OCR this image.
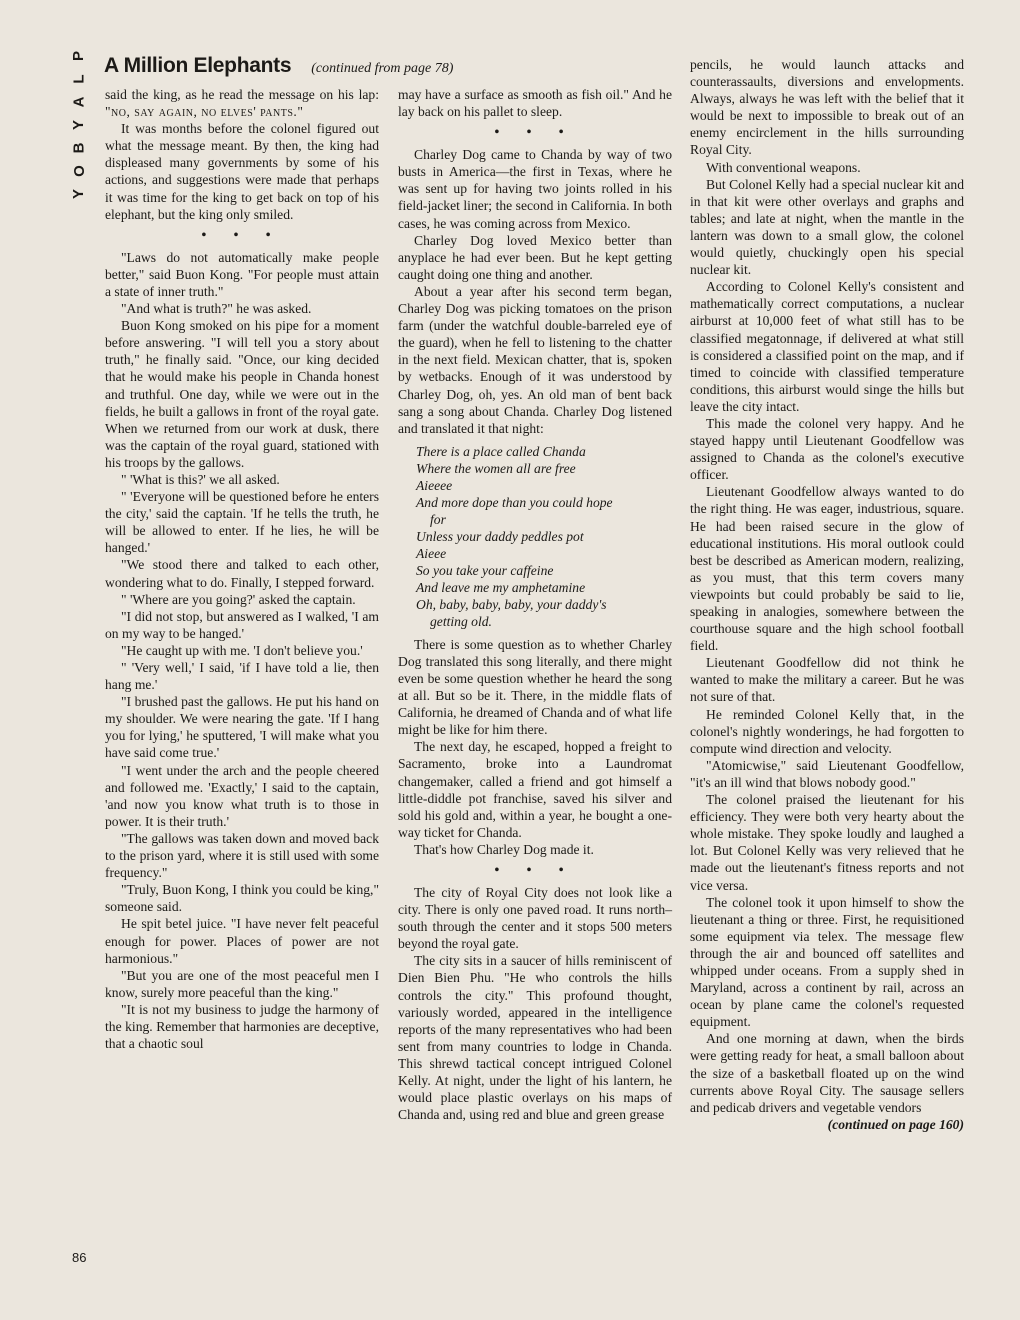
P
L
A
Y
B
O
Y
A Million Elephants (continued from page 78)

said the king, as he read the message on his lap: "no, say again, no elves' pants."

It was months before the colonel figured out what the message meant. By then, the king had displeased many governments by some of his actions, and suggestions were made that perhaps it was time for the king to get back on top of his elephant, but the king only smiled.

• • •

"Laws do not automatically make people better," said Buon Kong. "For people must attain a state of inner truth."

"And what is truth?" he was asked.

Buon Kong smoked on his pipe for a moment before answering. "I will tell you a story about truth," he finally said. "Once, our king decided that he would make his people in Chanda honest and truthful. One day, while we were out in the fields, he built a gallows in front of the royal gate. When we returned from our work at dusk, there was the captain of the royal guard, stationed with his troops by the gallows.

" 'What is this?' we all asked.

" 'Everyone will be questioned before he enters the city,' said the captain. 'If he tells the truth, he will be allowed to enter. If he lies, he will be hanged.'

"We stood there and talked to each other, wondering what to do. Finally, I stepped forward.

" 'Where are you going?' asked the captain.

"I did not stop, but answered as I walked, 'I am on my way to be hanged.'

"He caught up with me. 'I don't believe you.'

" 'Very well,' I said, 'if I have told a lie, then hang me.'

"I brushed past the gallows. He put his hand on my shoulder. We were nearing the gate. 'If I hang you for lying,' he sputtered, 'I will make what you have said come true.'

"I went under the arch and the people cheered and followed me. 'Exactly,' I said to the captain, 'and now you know what truth is to those in power. It is their truth.'

"The gallows was taken down and moved back to the prison yard, where it is still used with some frequency."

"Truly, Buon Kong, I think you could be king," someone said.

He spit betel juice. "I have never felt peaceful enough for power. Places of power are not harmonious."

"But you are one of the most peaceful men I know, surely more peaceful than the king."

"It is not my business to judge the harmony of the king. Remember that harmonies are deceptive, that a chaotic soul

may have a surface as smooth as fish oil." And he lay back on his pallet to sleep.

• • •

Charley Dog came to Chanda by way of two busts in America—the first in Texas, where he was sent up for having two joints rolled in his field-jacket liner; the second in California. In both cases, he was coming across from Mexico.

Charley Dog loved Mexico better than anyplace he had ever been. But he kept getting caught doing one thing and another.

About a year after his second term began, Charley Dog was picking tomatoes on the prison farm (under the watchful double-barreled eye of the guard), when he fell to listening to the chatter in the next field. Mexican chatter, that is, spoken by wetbacks. Enough of it was understood by Charley Dog, oh, yes. An old man of bent back sang a song about Chanda. Charley Dog listened and translated it that night:

There is a place called Chanda
Where the women all are free
Aieeee
And more dope than you could hope
for
Unless your daddy peddles pot
Aieee
So you take your caffeine
And leave me my amphetamine
Oh, baby, baby, baby, your daddy's
getting old.

There is some question as to whether Charley Dog translated this song literally, and there might even be some question whether he heard the song at all. But so be it. There, in the middle flats of California, he dreamed of Chanda and of what life might be like for him there.

The next day, he escaped, hopped a freight to Sacramento, broke into a Laundromat changemaker, called a friend and got himself a little-diddle pot franchise, saved his silver and sold his gold and, within a year, he bought a one-way ticket for Chanda.

That's how Charley Dog made it.

• • •

The city of Royal City does not look like a city. There is only one paved road. It runs north–south through the center and it stops 500 meters beyond the royal gate.

The city sits in a saucer of hills reminiscent of Dien Bien Phu. "He who controls the hills controls the city." This profound thought, variously worded, appeared in the intelligence reports of the many representatives who had been sent from many countries to lodge in Chanda. This shrewd tactical concept intrigued Colonel Kelly. At night, under the light of his lantern, he would place plastic overlays on his maps of Chanda and, using red and blue and green grease

pencils, he would launch attacks and counterassaults, diversions and envelopments. Always, always he was left with the belief that it would be next to impossible to break out of an enemy encirclement in the hills surrounding Royal City.

With conventional weapons.

But Colonel Kelly had a special nuclear kit and in that kit were other overlays and graphs and tables; and late at night, when the mantle in the lantern was down to a small glow, the colonel would quietly, chuckingly open his special nuclear kit.

According to Colonel Kelly's consistent and mathematically correct computations, a nuclear airburst at 10,000 feet of what still has to be classified megatonnage, if delivered at what still is considered a classified point on the map, and if timed to coincide with classified temperature conditions, this airburst would singe the hills but leave the city intact.

This made the colonel very happy. And he stayed happy until Lieutenant Goodfellow was assigned to Chanda as the colonel's executive officer.

Lieutenant Goodfellow always wanted to do the right thing. He was eager, industrious, square. He had been raised secure in the glow of educational institutions. His moral outlook could best be described as American modern, realizing, as you must, that this term covers many viewpoints but could probably be said to lie, speaking in analogies, somewhere between the courthouse square and the high school football field.

Lieutenant Goodfellow did not think he wanted to make the military a career. But he was not sure of that.

He reminded Colonel Kelly that, in the colonel's nightly wonderings, he had forgotten to compute wind direction and velocity.

"Atomicwise," said Lieutenant Goodfellow, "it's an ill wind that blows nobody good."

The colonel praised the lieutenant for his efficiency. They were both very hearty about the whole mistake. They spoke loudly and laughed a lot. But Colonel Kelly was very relieved that he made out the lieutenant's fitness reports and not vice versa.

The colonel took it upon himself to show the lieutenant a thing or three. First, he requisitioned some equipment via telex. The message flew through the air and bounced off satellites and whipped under oceans. From a supply shed in Maryland, across a continent by rail, across an ocean by plane came the colonel's requested equipment.

And one morning at dawn, when the birds were getting ready for heat, a small balloon about the size of a basketball floated up on the wind currents above Royal City. The sausage sellers and pedicab drivers and vegetable vendors

(continued on page 160)
86
